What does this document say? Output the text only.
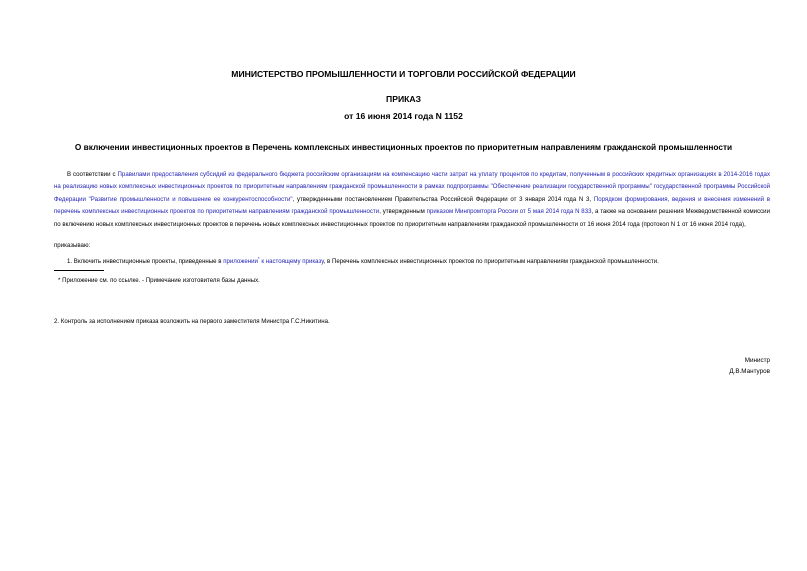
МИНИСТЕРСТВО ПРОМЫШЛЕННОСТИ И ТОРГОВЛИ РОССИЙСКОЙ ФЕДЕРАЦИИ
ПРИКАЗ
от 16 июня 2014 года N 1152
О включении инвестиционных проектов в Перечень комплексных инвестиционных проектов по приоритетным направлениям гражданской промышленности
В соответствии с Правилами предоставления субсидий из федерального бюджета российским организациям на компенсацию части затрат на уплату процентов по кредитам, полученным в российских кредитных организациях в 2014-2016 годах на реализацию новых комплексных инвестиционных проектов по приоритетным направлениям гражданской промышленности в рамках подпрограммы "Обеспечение реализации государственной программы" государственной программы Российской Федерации "Развитие промышленности и повышение ее конкурентоспособности", утвержденными постановлением Правительства Российской Федерации от 3 января 2014 года N 3, Порядком формирования, ведения и внесения изменений в перечень комплексных инвестиционных проектов по приоритетным направлениям гражданской промышленности, утвержденным приказом Минпромторга России от 5 мая 2014 года N 833, а также на основании решения Межведомственной комиссии по включению новых комплексных инвестиционных проектов в перечень новых комплексных инвестиционных проектов по приоритетным направлениям гражданской промышленности от 16 июня 2014 года (протокол N 1 от 16 июня 2014 года),
приказываю:
1. Включить инвестиционные проекты, приведенные в приложении* к настоящему приказу, в Перечень комплексных инвестиционных проектов по приоритетным направлениям гражданской промышленности.
* Приложение см. по ссылке. - Примечание изготовителя базы данных.
2. Контроль за исполнением приказа возложить на первого заместителя Министра Г.С.Никитина.
Министр
Д.В.Мантуров
